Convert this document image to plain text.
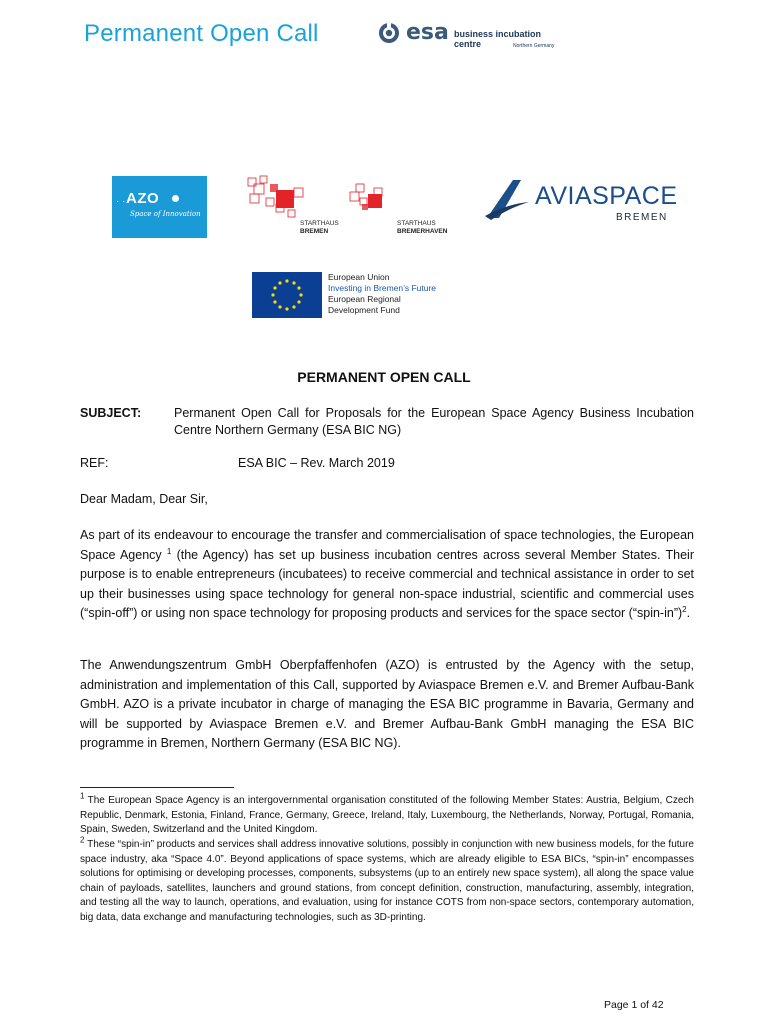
Permanent Open Call	esa business incubation centre	Northern Germany
· · AZO
Space of Innovation
STARTHAUS
BREMEN
STARTHAUS
BREMERHAVEN
AVIASPACE
BREMEN
European Union
Investing in Bremen’s Future
European Regional
Development Fund
PERMANENT OPEN CALL
SUBJECT:	Permanent Open Call for Proposals for the European Space Agency Business Incubation Centre Northern Germany (ESA BIC NG)
REF:	ESA BIC – Rev. March 2019
Dear Madam, Dear Sir,
As part of its endeavour to encourage the transfer and commercialisation of space technologies, the European Space Agency $^1$ (the Agency) has set up business incubation centres across several Member States. Their purpose is to enable entrepreneurs (incubatees) to receive commercial and technical assistance in order to set up their businesses using space technology for general non-space industrial, scientific and commercial uses (“spin-off”) or using non space technology for proposing products and services for the space sector (“spin-in”)$^2$.
The Anwendungszentrum GmbH Oberpfaffenhofen (AZO) is entrusted by the Agency with the setup, administration and implementation of this Call, supported by Aviaspace Bremen e.V. and Bremer Aufbau-Bank GmbH. AZO is a private incubator in charge of managing the ESA BIC programme in Bavaria, Germany and will be supported by Aviaspace Bremen e.V. and Bremer Aufbau-Bank GmbH managing the ESA BIC programme in Bremen, Northern Germany (ESA BIC NG).
$^1$ The European Space Agency is an intergovernmental organisation constituted of the following Member States: Austria, Belgium, Czech Republic, Denmark, Estonia, Finland, France, Germany, Greece, Ireland, Italy, Luxembourg, the Netherlands, Norway, Portugal, Romania, Spain, Sweden, Switzerland and the United Kingdom.
$^2$ These “spin-in” products and services shall address innovative solutions, possibly in conjunction with new business models, for the future space industry, aka “Space 4.0”. Beyond applications of space systems, which are already eligible to ESA BICs, “spin-in” encompasses solutions for optimising or developing processes, components, subsystems (up to an entirely new space system), all along the space value chain of payloads, satellites, launchers and ground stations, from concept definition, construction, manufacturing, assembly, integration, and testing all the way to launch, operations, and evaluation, using for instance COTS from non-space sectors, contemporary automation, big data, data exchange and manufacturing technologies, such as 3D-printing.
Page 1 of 42
